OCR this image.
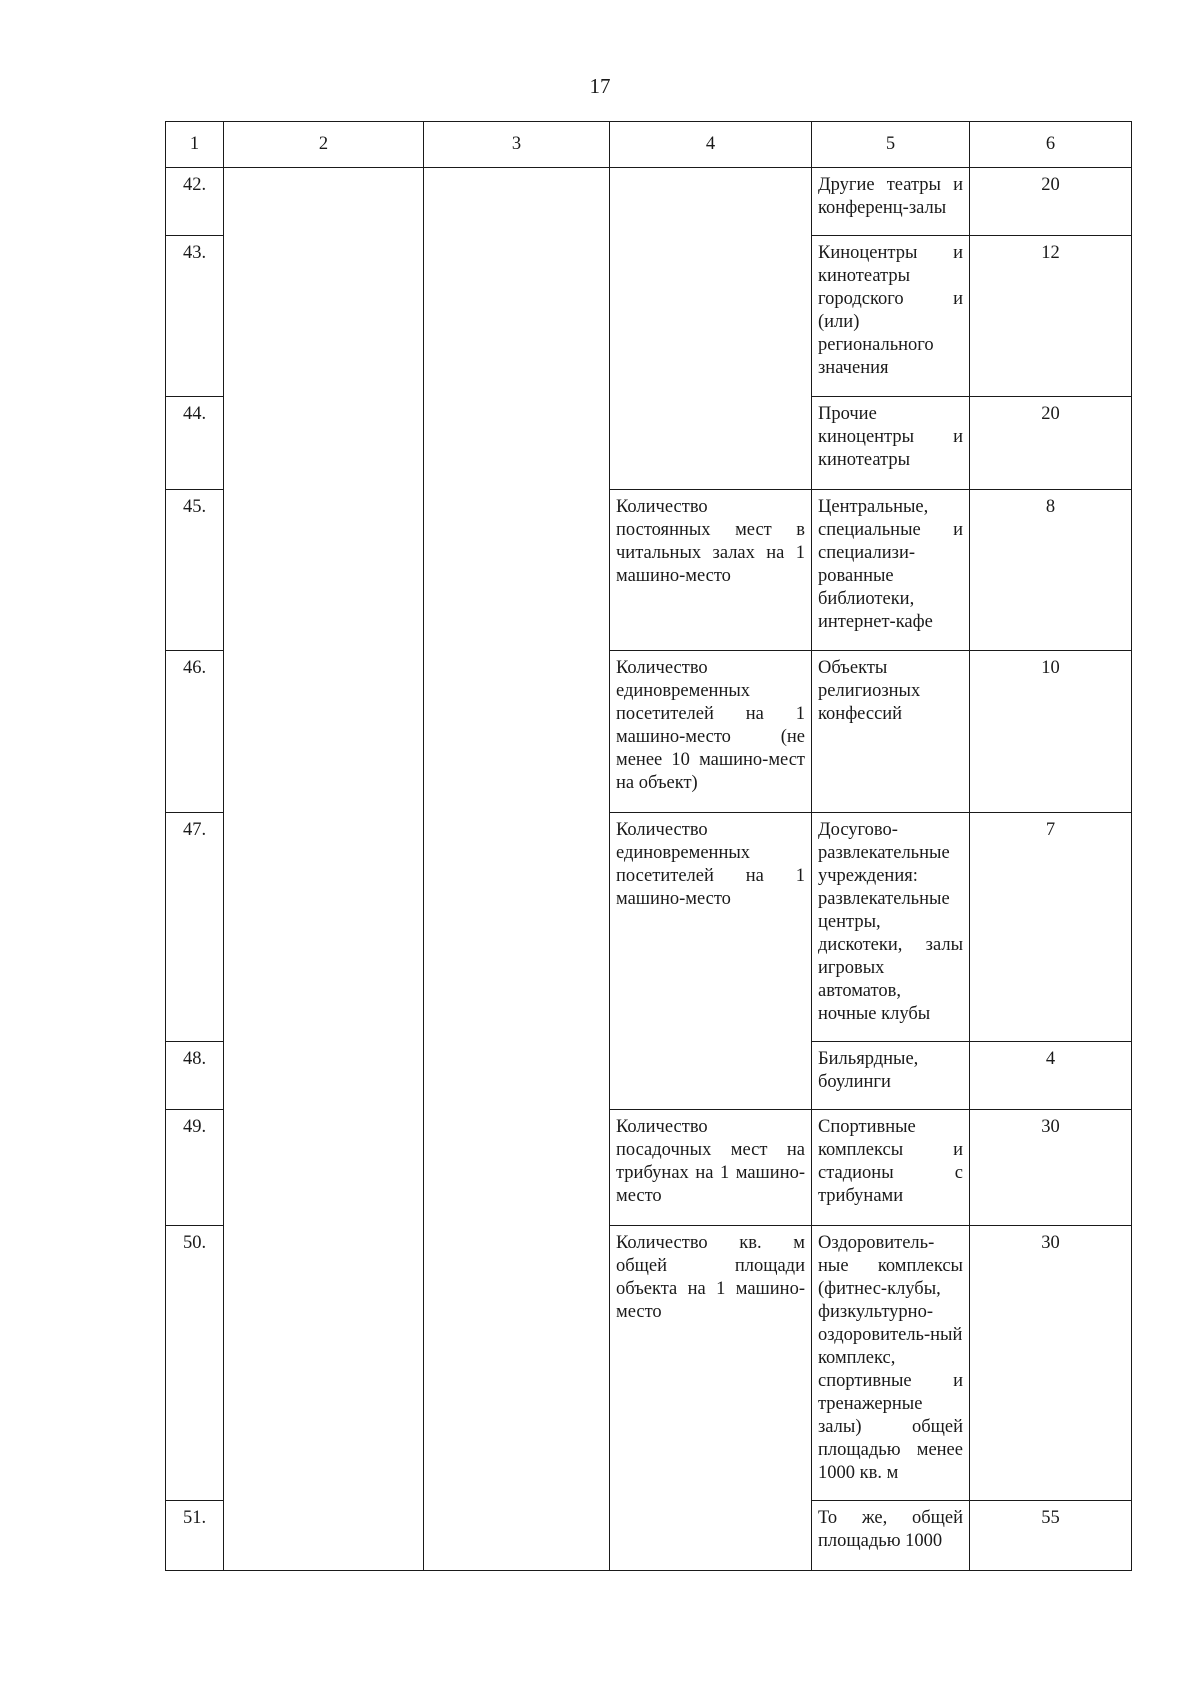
17
1	2	3	4	5	6
42.				Другие театры и конференц-залы	20
43.				Киноцентры и кинотеатры городского и (или) регионального значения	12
44.				Прочие киноцентры и кинотеатры	20
45.			Количество постоянных мест в читальных залах на 1 машино-место	Центральные, специальные и специализи-рованные библиотеки, интернет-кафе	8
46.			Количество единовременных посетителей на 1 машино-место (не менее 10 машино-мест на объект)	Объекты религиозных конфессий	10
47.			Количество единовременных посетителей на 1 машино-место	Досугово-развлекательные учреждения: развлекательные центры, дискотеки, залы игровых автоматов, ночные клубы	7
48.				Бильярдные, боулинги	4
49.			Количество посадочных мест на трибунах на 1 машино-место	Спортивные комплексы и стадионы с трибунами	30
50.			Количество кв. м общей площади объекта на 1 машино-место	Оздоровитель-ные комплексы (фитнес-клубы, физкультурно-оздоровитель-ный комплекс, спортивные и тренажерные залы) общей площадью менее 1000 кв. м	30
51.				То же, общей площадью 1000	55
